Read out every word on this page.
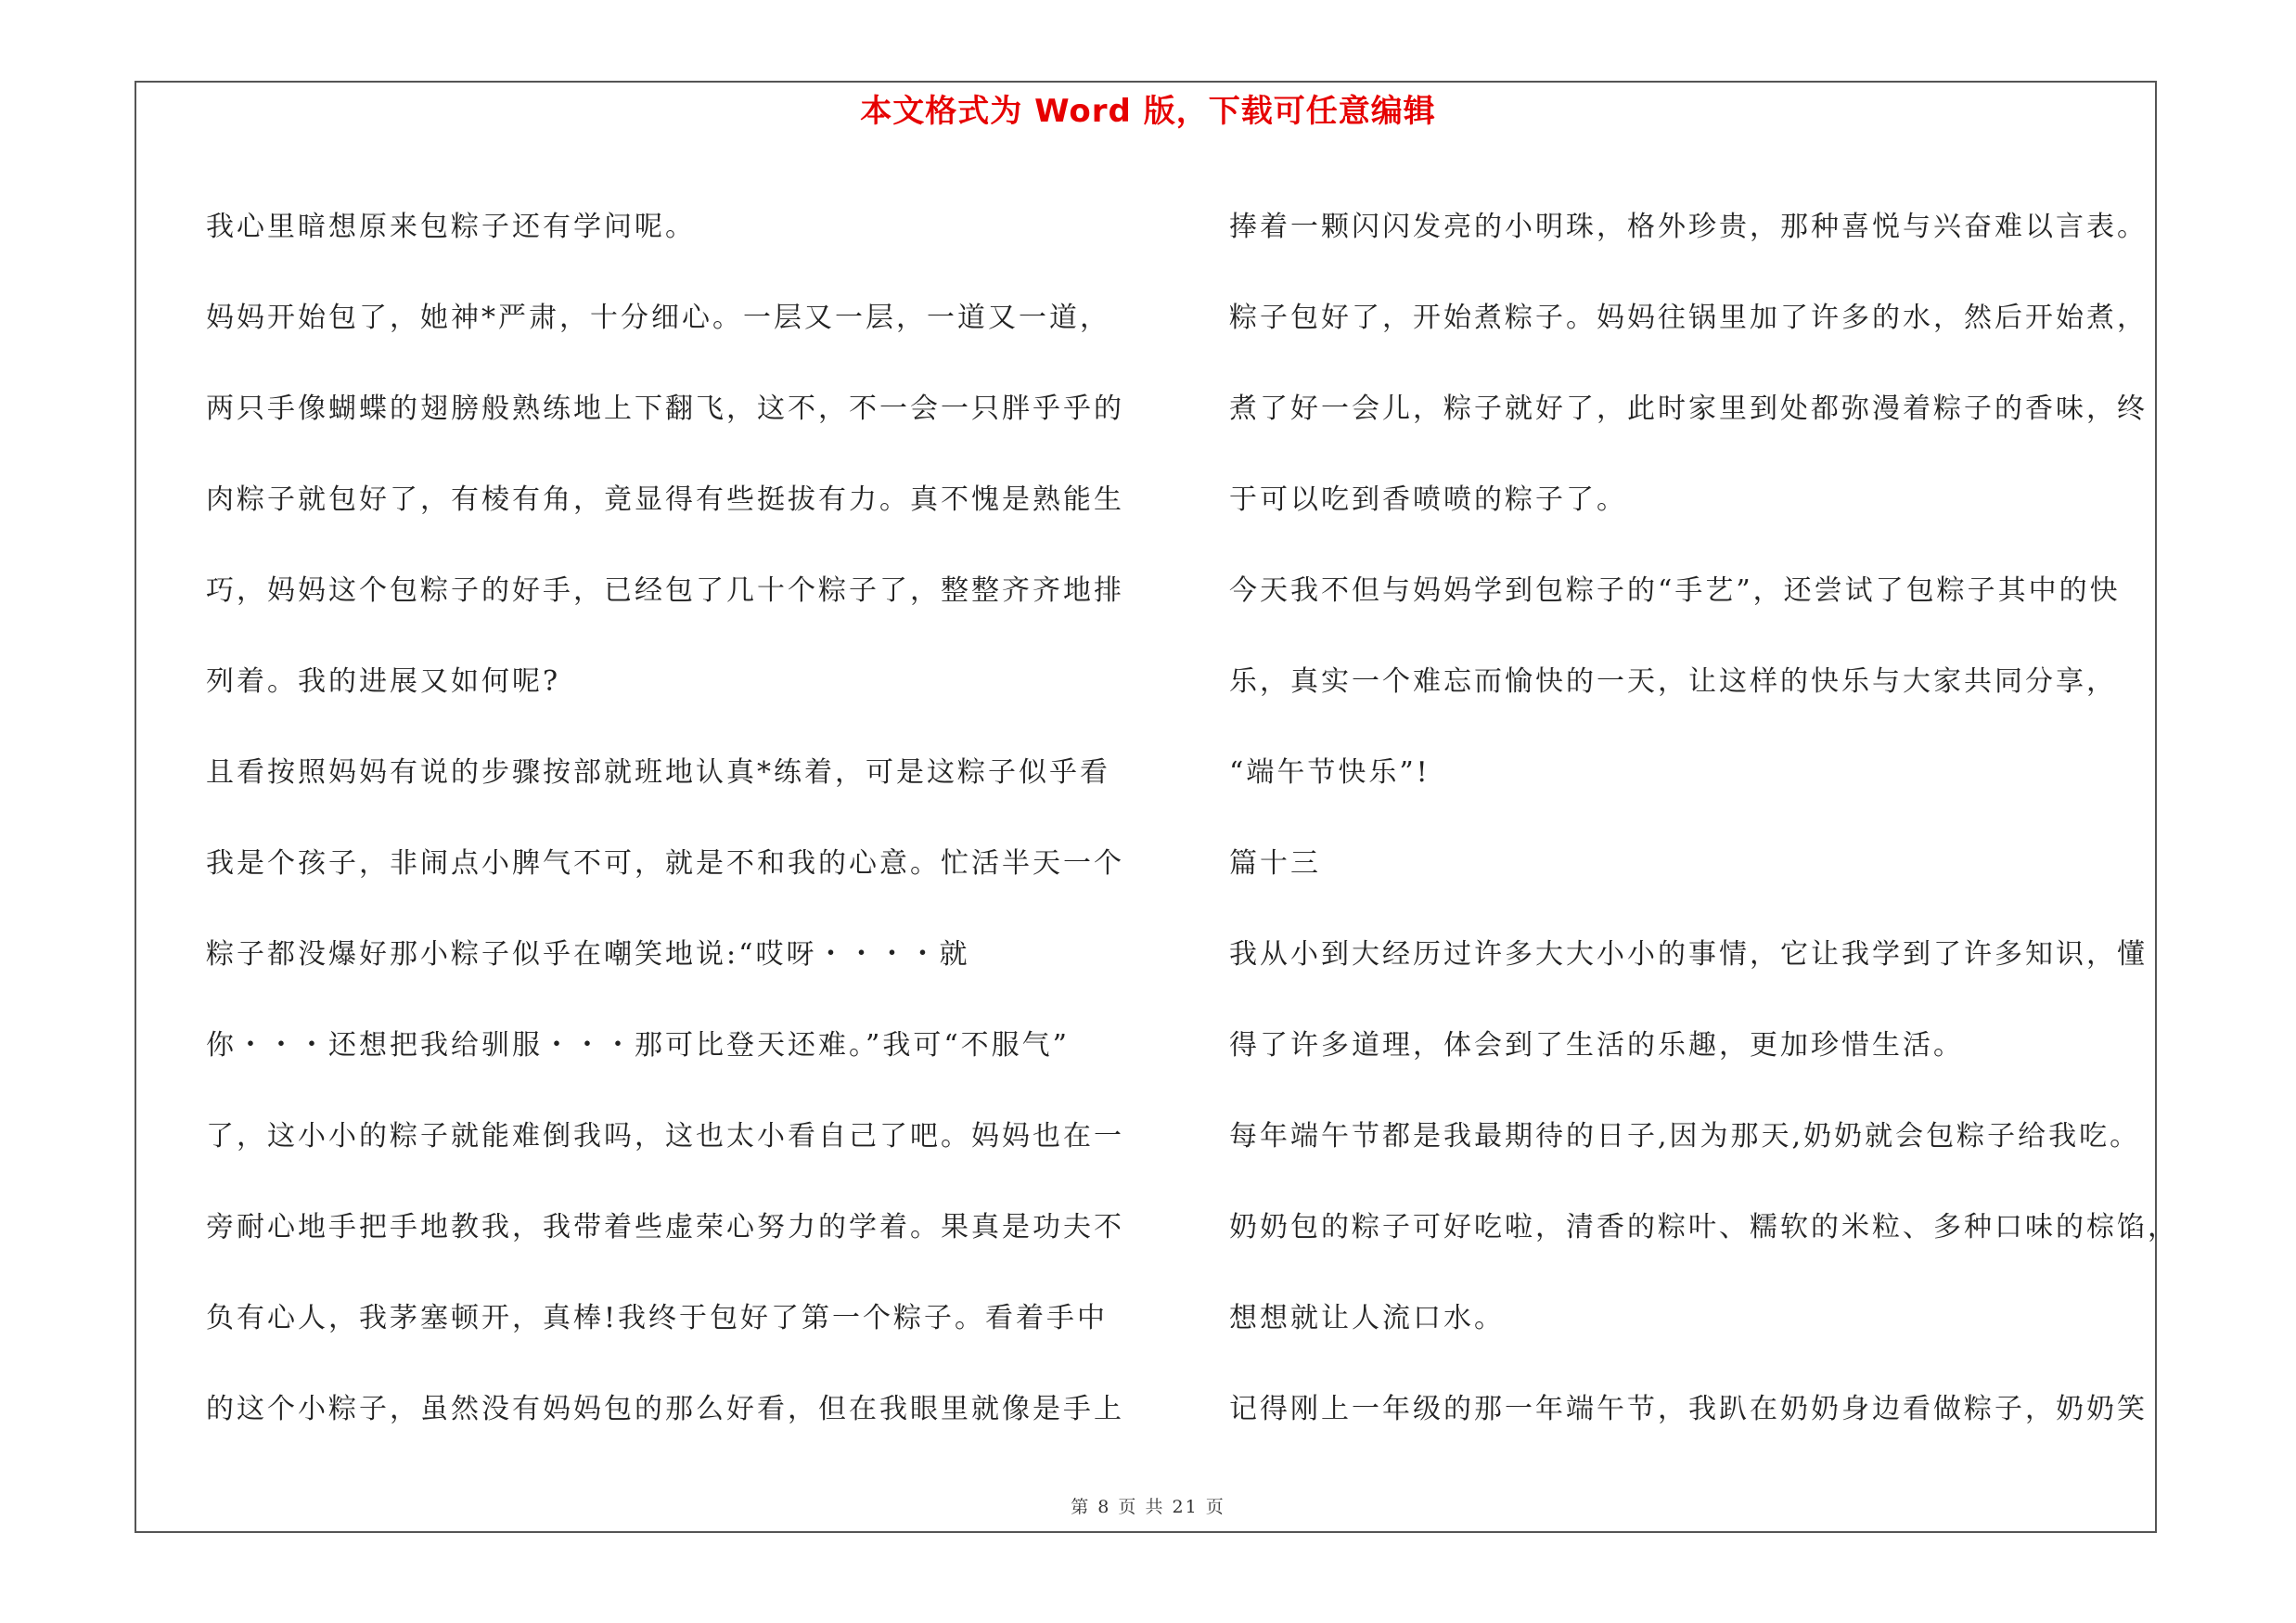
本文格式为 Word 版，下载可任意编辑
我心里暗想原来包粽子还有学问呢。
妈妈开始包了，她神*严肃，十分细心。一层又一层，一道又一道，
两只手像蝴蝶的翅膀般熟练地上下翻飞，这不，不一会一只胖乎乎的
肉粽子就包好了，有棱有角，竟显得有些挺拔有力。真不愧是熟能生
巧，妈妈这个包粽子的好手，已经包了几十个粽子了，整整齐齐地排
列着。我的进展又如何呢?
且看按照妈妈有说的步骤按部就班地认真*练着，可是这粽子似乎看
我是个孩子，非闹点小脾气不可，就是不和我的心意。忙活半天一个
粽子都没爆好那小粽子似乎在嘲笑地说:“哎呀・・・・就
你・・・还想把我给驯服・・・那可比登天还难。”我可“不服气”
了，这小小的粽子就能难倒我吗，这也太小看自己了吧。妈妈也在一
旁耐心地手把手地教我，我带着些虚荣心努力的学着。果真是功夫不
负有心人，我茅塞顿开，真棒!我终于包好了第一个粽子。看着手中
的这个小粽子，虽然没有妈妈包的那么好看，但在我眼里就像是手上
捧着一颗闪闪发亮的小明珠，格外珍贵，那种喜悦与兴奋难以言表。
粽子包好了，开始煮粽子。妈妈往锅里加了许多的水，然后开始煮，
煮了好一会儿，粽子就好了，此时家里到处都弥漫着粽子的香味，终
于可以吃到香喷喷的粽子了。
今天我不但与妈妈学到包粽子的“手艺”，还尝试了包粽子其中的快
乐，真实一个难忘而愉快的一天，让这样的快乐与大家共同分享，
“端午节快乐”!
篇十三
我从小到大经历过许多大大小小的事情，它让我学到了许多知识，懂
得了许多道理，体会到了生活的乐趣，更加珍惜生活。
每年端午节都是我最期待的日子,因为那天,奶奶就会包粽子给我吃。
奶奶包的粽子可好吃啦，清香的粽叶、糯软的米粒、多种口味的棕馅，
想想就让人流口水。
记得刚上一年级的那一年端午节，我趴在奶奶身边看做粽子，奶奶笑
第 8 页 共 21 页
